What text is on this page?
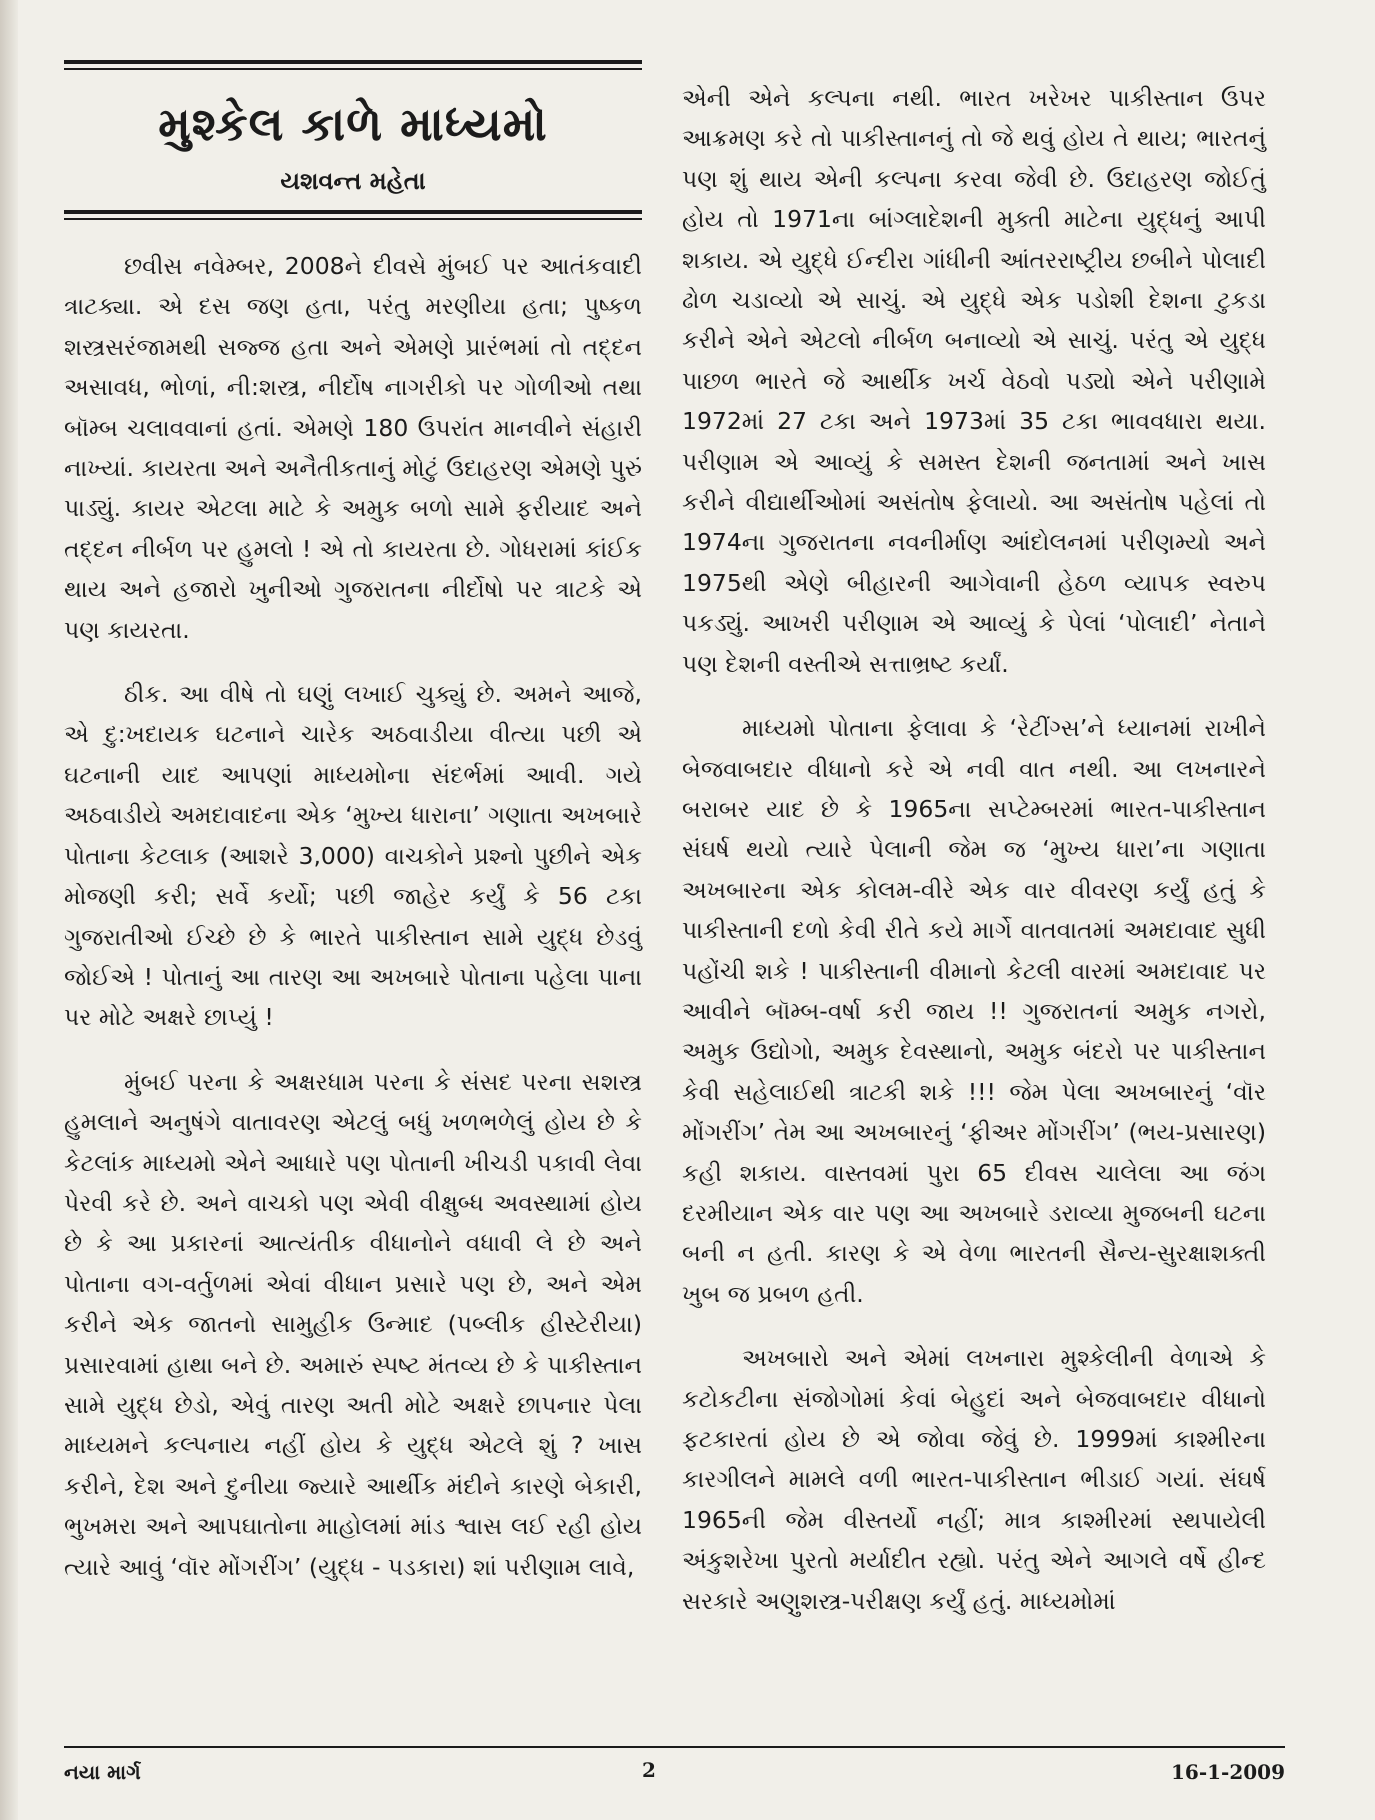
મુશ્કેલ કાળે માધ્યમો
યશવન્ત મહેતા

છવીસ નવેમ્બર, 2008ને દીવસે મુંબઈ પર આતંકવાદી ત્રાટક્યા. એ દસ જણ હતા, પરંતુ મરણીયા હતા; પુષ્કળ શસ્ત્રસરંજામથી સજ્જ હતા અને એમણે પ્રારંભમાં તો તદ્દન અસાવધ, ભોળાં, ની:શસ્ત્ર, નીર્દોષ નાગરીકો પર ગોળીઓ તથા બૉમ્બ ચલાવવાનાં હતાં. એમણે 180 ઉપરાંત માનવીને સંહારી નાખ્યાં. કાયરતા અને અનૈતીકતાનું મોટું ઉદાહરણ એમણે પુરું પાડ્યું. કાયર એટલા માટે કે અમુક બળો સામે ફરીયાદ અને તદ્દન નીર્બળ પર હુમલો ! એ તો કાયરતા છે. ગોધરામાં કાંઈક થાય અને હજારો ખુનીઓ ગુજરાતના નીર્દોષો પર ત્રાટકે એ પણ કાયરતા.

ઠીક. આ વીષે તો ઘણું લખાઈ ચુક્યું છે. અમને આજે, એ દુ:ખદાયક ઘટનાને ચારેક અઠવાડીયા વીત્યા પછી એ ઘટનાની યાદ આપણાં માધ્યમોના સંદર્ભમાં આવી. ગયે અઠવાડીયે અમદાવાદના એક ‘મુખ્ય ધારાના’ ગણાતા અખબારે પોતાના કેટલાક (આશરે 3,000) વાચકોને પ્રશ્નો પુછીને એક મોજણી કરી; સર્વે કર્યો; પછી જાહેર કર્યું કે 56 ટકા ગુજરાતીઓ ઈચ્છે છે કે ભારતે પાકીસ્તાન સામે યુદ્ધ છેડવું જોઈએ ! પોતાનું આ તારણ આ અખબારે પોતાના પહેલા પાના પર મોટે અક્ષરે છાપ્યું !

મુંબઈ પરના કે અક્ષરધામ પરના કે સંસદ પરના સશસ્ત્ર હુમલાને અનુષંગે વાતાવરણ એટલું બધું ખળભળેલું હોય છે કે કેટલાંક માધ્યમો એને આધારે પણ પોતાની ખીચડી પકાવી લેવા પેરવી કરે છે. અને વાચકો પણ એવી વીક્ષુબ્ધ અવસ્થામાં હોય છે કે આ પ્રકારનાં આત્યંતીક વીધાનોને વધાવી લે છે અને પોતાના વગ-વર્તુળમાં એવાં વીધાન પ્રસારે પણ છે, અને એમ કરીને એક જાતનો સામુહીક ઉન્માદ (પબ્લીક હીસ્ટેરીયા) પ્રસારવામાં હાથા બને છે. અમારું સ્પષ્ટ મંતવ્ય છે કે પાકીસ્તાન સામે યુદ્ધ છેડો, એવું તારણ અતી મોટે અક્ષરે છાપનાર પેલા માધ્યમને કલ્પનાય નહીં હોય કે યુદ્ધ એટલે શું ? ખાસ કરીને, દેશ અને દુનીયા જ્યારે આર્થીક મંદીને કારણે બેકારી, ભુખમરા અને આપઘાતોના માહોલમાં માંડ શ્વાસ લઈ રહી હોય ત્યારે આવું ‘વૉર મોંગરીંગ’ (યુદ્ધ - પડકારા) શાં પરીણામ લાવે,

એની એને કલ્પના નથી. ભારત ખરેખર પાકીસ્તાન ઉપર આક્રમણ કરે તો પાકીસ્તાનનું તો જે થવું હોય તે થાય; ભારતનું પણ શું થાય એની કલ્પના કરવા જેવી છે. ઉદાહરણ જોઈતું હોય તો 1971ના બાંગ્લાદેશની મુક્તી માટેના યુદ્ધનું આપી શકાય. એ યુદ્ધે ઈન્દીરા ગાંધીની આંતરરાષ્ટ્રીય છબીને પોલાદી ઢોળ ચડાવ્યો એ સાચું. એ યુદ્ધે એક પડોશી દેશના ટુકડા કરીને એને એટલો નીર્બળ બનાવ્યો એ સાચું. પરંતુ એ યુદ્ધ પાછળ ભારતે જે આર્થીક ખર્ચ વેઠવો પડ્યો એને પરીણામે 1972માં 27 ટકા અને 1973માં 35 ટકા ભાવવધારા થયા. પરીણામ એ આવ્યું કે સમસ્ત દેશની જનતામાં અને ખાસ કરીને વીદ્યાર્થીઓમાં અસંતોષ ફેલાયો. આ અસંતોષ પહેલાં તો 1974ના ગુજરાતના નવનીર્માણ આંદોલનમાં પરીણમ્યો અને 1975થી એણે બીહારની આગેવાની હેઠળ વ્યાપક સ્વરુપ પકડ્યું. આખરી પરીણામ એ આવ્યું કે પેલાં ‘પોલાદી’ નેતાને પણ દેશની વસ્તીએ સત્તાભ્રષ્ટ કર્યાં.

માધ્યમો પોતાના ફેલાવા કે ‘રેટીંગ્સ’ને ધ્યાનમાં રાખીને બેજવાબદાર વીધાનો કરે એ નવી વાત નથી. આ લખનારને બરાબર યાદ છે કે 1965ના સપ્ટેમ્બરમાં ભારત-પાકીસ્તાન સંઘર્ષ થયો ત્યારે પેલાની જેમ જ ‘મુખ્ય ધારા’ના ગણાતા અખબારના એક કોલમ-વીરે એક વાર વીવરણ કર્યું હતું કે પાકીસ્તાની દળો કેવી રીતે કયે માર્ગે વાતવાતમાં અમદાવાદ સુધી પહોંચી શકે ! પાકીસ્તાની વીમાનો કેટલી વારમાં અમદાવાદ પર આવીને બૉમ્બ-વર્ષા કરી જાય !! ગુજરાતનાં અમુક નગરો, અમુક ઉદ્યોગો, અમુક દેવસ્થાનો, અમુક બંદરો પર પાકીસ્તાન કેવી સહેલાઈથી ત્રાટકી શકે !!! જેમ પેલા અખબારનું ‘વૉર મોંગરીંગ’ તેમ આ અખબારનું ‘ફીઅર મોંગરીંગ’ (ભય-પ્રસારણ) કહી શકાય. વાસ્તવમાં પુરા 65 દીવસ ચાલેલા આ જંગ દરમીયાન એક વાર પણ આ અખબારે ડરાવ્યા મુજબની ઘટના બની ન હતી. કારણ કે એ વેળા ભારતની સૈન્ય-સુરક્ષાશક્તી ખુબ જ પ્રબળ હતી.

અખબારો અને એમાં લખનારા મુશ્કેલીની વેળાએ કે કટોકટીના સંજોગોમાં કેવાં બેહુદાં અને બેજવાબદાર વીધાનો ફટકારતાં હોય છે એ જોવા જેવું છે. 1999માં કાશ્મીરના કારગીલને મામલે વળી ભારત-પાકીસ્તાન ભીડાઈ ગયાં. સંઘર્ષ 1965ની જેમ વીસ્તર્યો નહીં; માત્ર કાશ્મીરમાં સ્થપાયેલી અંકુશરેખા પુરતો મર્યાદીત રહ્યો. પરંતુ એને આગલે વર્ષે હીન્દ સરકારે અણુશસ્ત્ર-પરીક્ષણ કર્યું હતું. માધ્યમોમાં

નયા માર્ગ	2	16-1-2009
